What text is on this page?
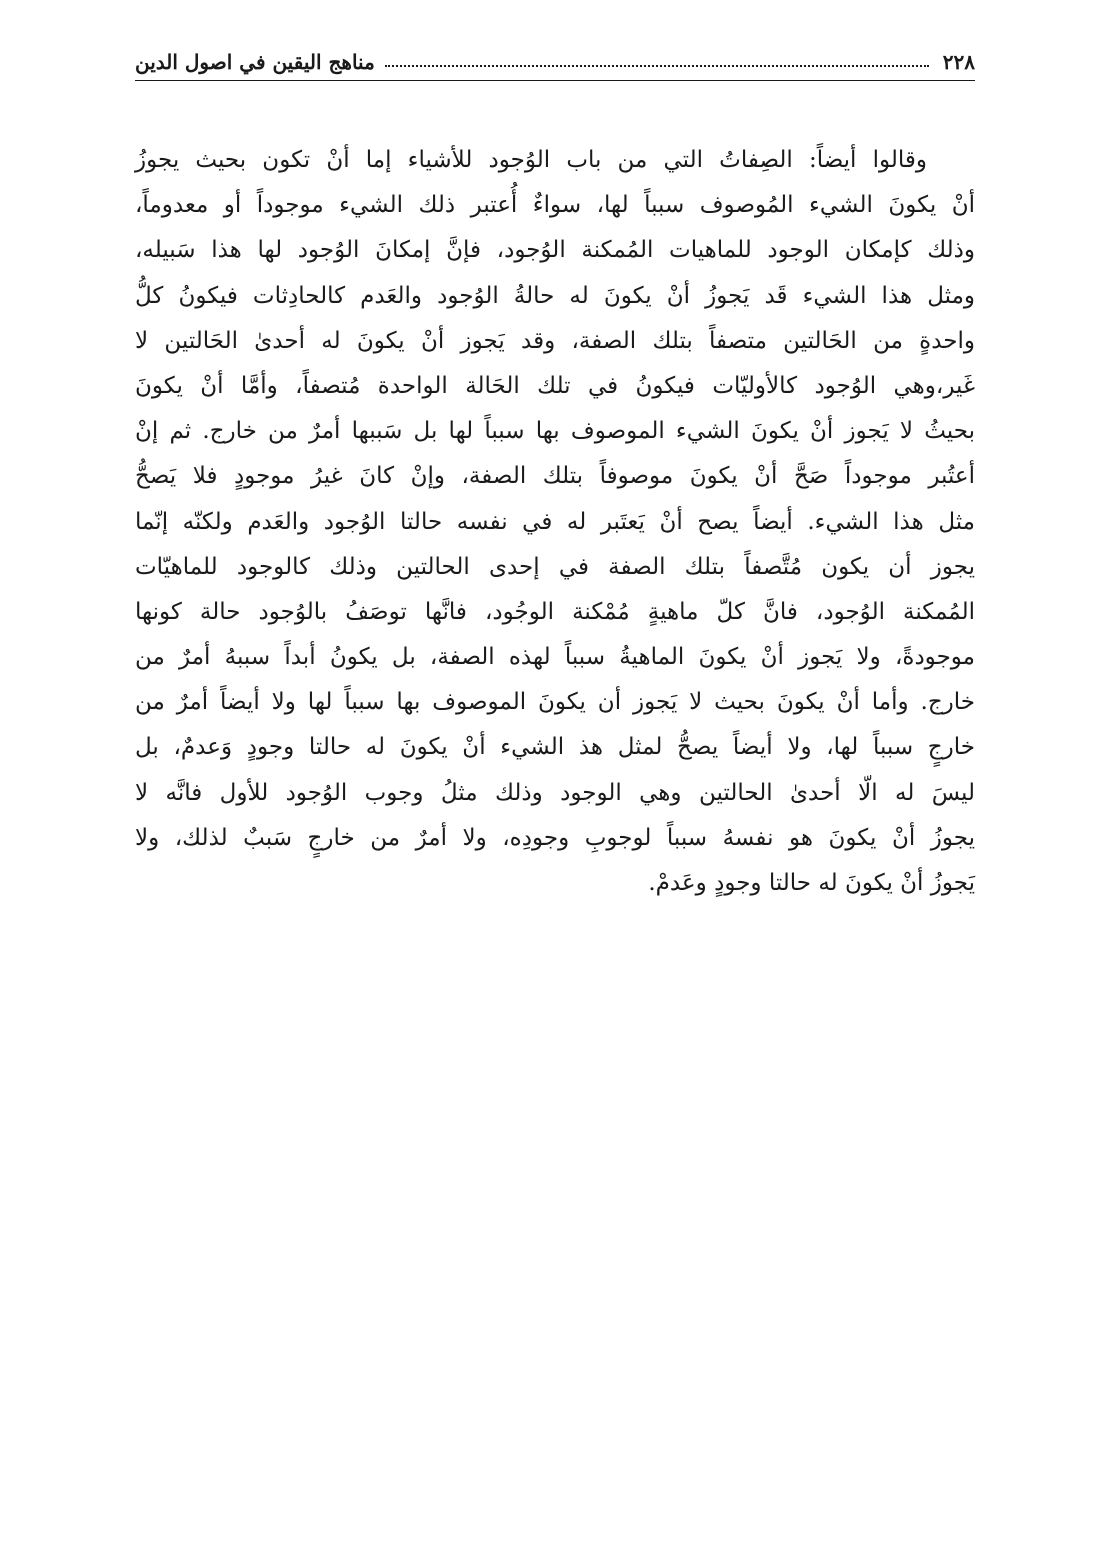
٢٢٨
مناهج اليقين في اصول الدين
وقالوا أيضاً: الصِفاتُ التي من باب الوُجود للأشياء إما أنْ تكون بحيث يجوزُ
أنْ يكونَ الشيء المُوصوف سبباً لها، سواءٌ أُعتبر ذلك الشيء موجوداً أو معدوماً،
وذلك كإمكان الوجود للماهيات المُمكنة الوُجود، فإنَّ إمكانَ الوُجود لها هذا سَبيله،
ومثل هذا الشيء قَد يَجوزُ أنْ يكونَ له حالةُ الوُجود والعَدم كالحادِثات فيكونُ كلُّ
واحدةٍ من الحَالتين متصفاً بتلك الصفة، وقد يَجوز أنْ يكونَ له أحدىٰ الحَالتين لا
غَير،وهي الوُجود كالأوليّات فيكونُ في تلك الحَالة الواحدة مُتصفاً، وأمَّا أنْ يكونَ
بحيثُ لا يَجوز أنْ يكونَ الشيء الموصوف بها سبباً لها بل سَببها أمرٌ من خارج. ثم إنْ
أعتُبر موجوداً صَحَّ أنْ يكونَ موصوفاً بتلك الصفة، وإنْ كانَ غيرُ موجودٍ فلا يَصحُّ
مثل هذا الشيء. أيضاً يصح أنْ يَعتَبر له في نفسه حالتا الوُجود والعَدم ولكنّه إنّما
يجوز أن يكون مُتَّصفاً بتلك الصفة في إحدى الحالتين وذلك كالوجود للماهيّات
المُمكنة الوُجود، فانَّ كلّ ماهيةٍ مُمْكنة الوجُود، فانَّها توصَفُ بالوُجود حالة كونها
موجودةً، ولا يَجوز أنْ يكونَ الماهيةُ سبباً لهذه الصفة، بل يكونُ أبداً سببهُ أمرٌ من
خارج. وأما أنْ يكونَ بحيث لا يَجوز أن يكونَ الموصوف بها سبباً لها ولا أيضاً أمرٌ من
خارجٍ سبباً لها، ولا أيضاً يصحُّ لمثل هذ الشيء أنْ يكونَ له حالتا وجودٍ وَعدمٌ، بل
ليسَ له الّا أحدىٰ الحالتين وهي الوجود وذلك مثلُ وجوب الوُجود للأول فانَّه لا
يجوزُ أنْ يكونَ هو نفسهُ سبباً لوجوبِ وجودِه، ولا أمرٌ من خارجٍ سَببٌ لذلك، ولا
يَجوزُ أنْ يكونَ له حالتا وجودٍ وعَدمْ.
